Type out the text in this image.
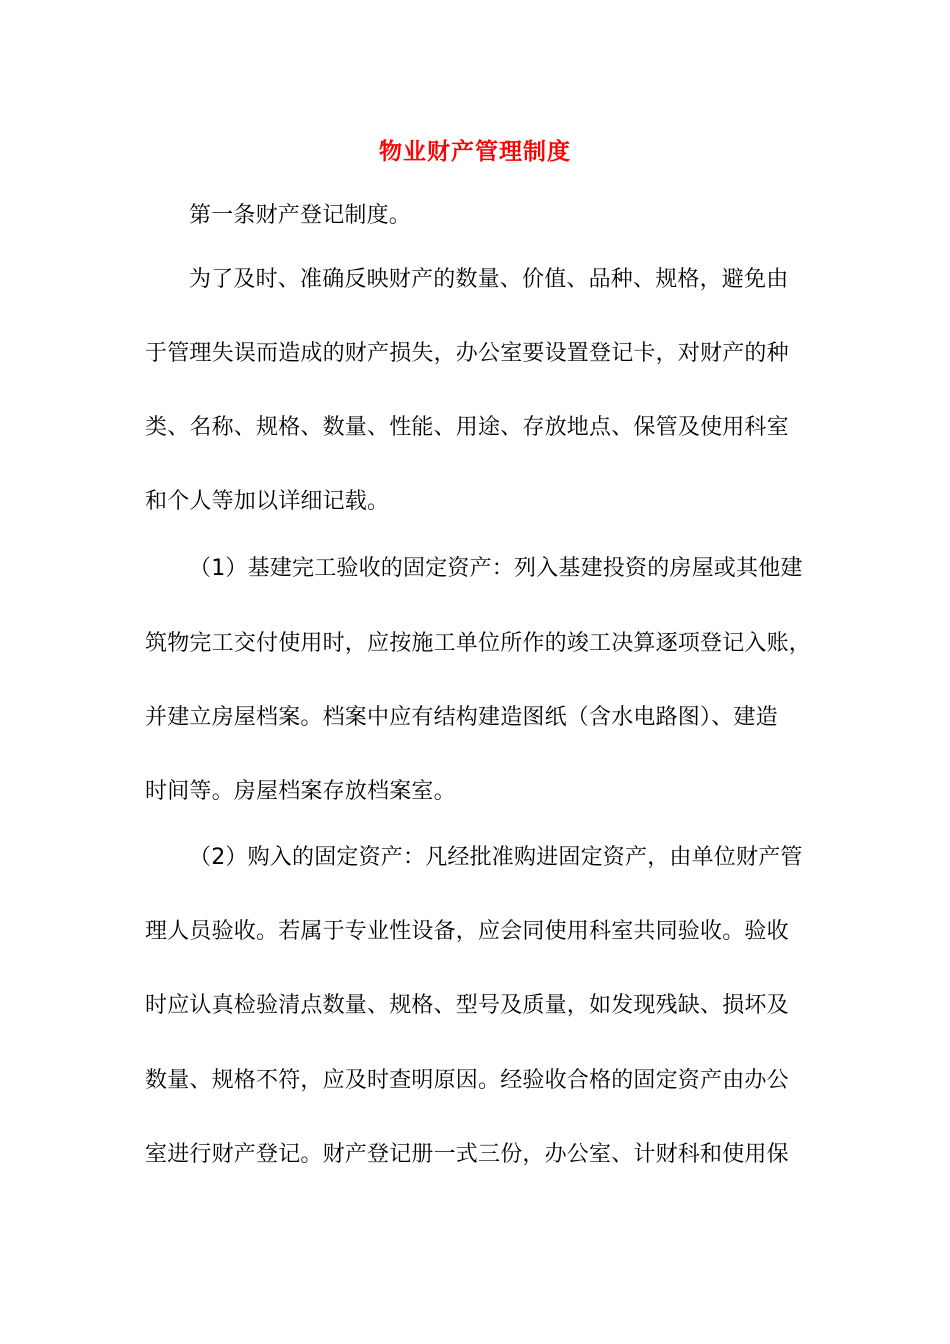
物业财产管理制度
第一条财产登记制度。
为了及时、准确反映财产的数量、价值、品种、规格，避免由
于管理失误而造成的财产损失，办公室要设置登记卡，对财产的种
类、名称、规格、数量、性能、用途、存放地点、保管及使用科室
和个人等加以详细记载。
（1）基建完工验收的固定资产：列入基建投资的房屋或其他建
筑物完工交付使用时，应按施工单位所作的竣工决算逐项登记入账，
并建立房屋档案。档案中应有结构建造图纸（含水电路图）、建造
时间等。房屋档案存放档案室。
（2）购入的固定资产：凡经批准购进固定资产，由单位财产管
理人员验收。若属于专业性设备，应会同使用科室共同验收。验收
时应认真检验清点数量、规格、型号及质量，如发现残缺、损坏及
数量、规格不符，应及时查明原因。经验收合格的固定资产由办公
室进行财产登记。财产登记册一式三份，办公室、计财科和使用保
